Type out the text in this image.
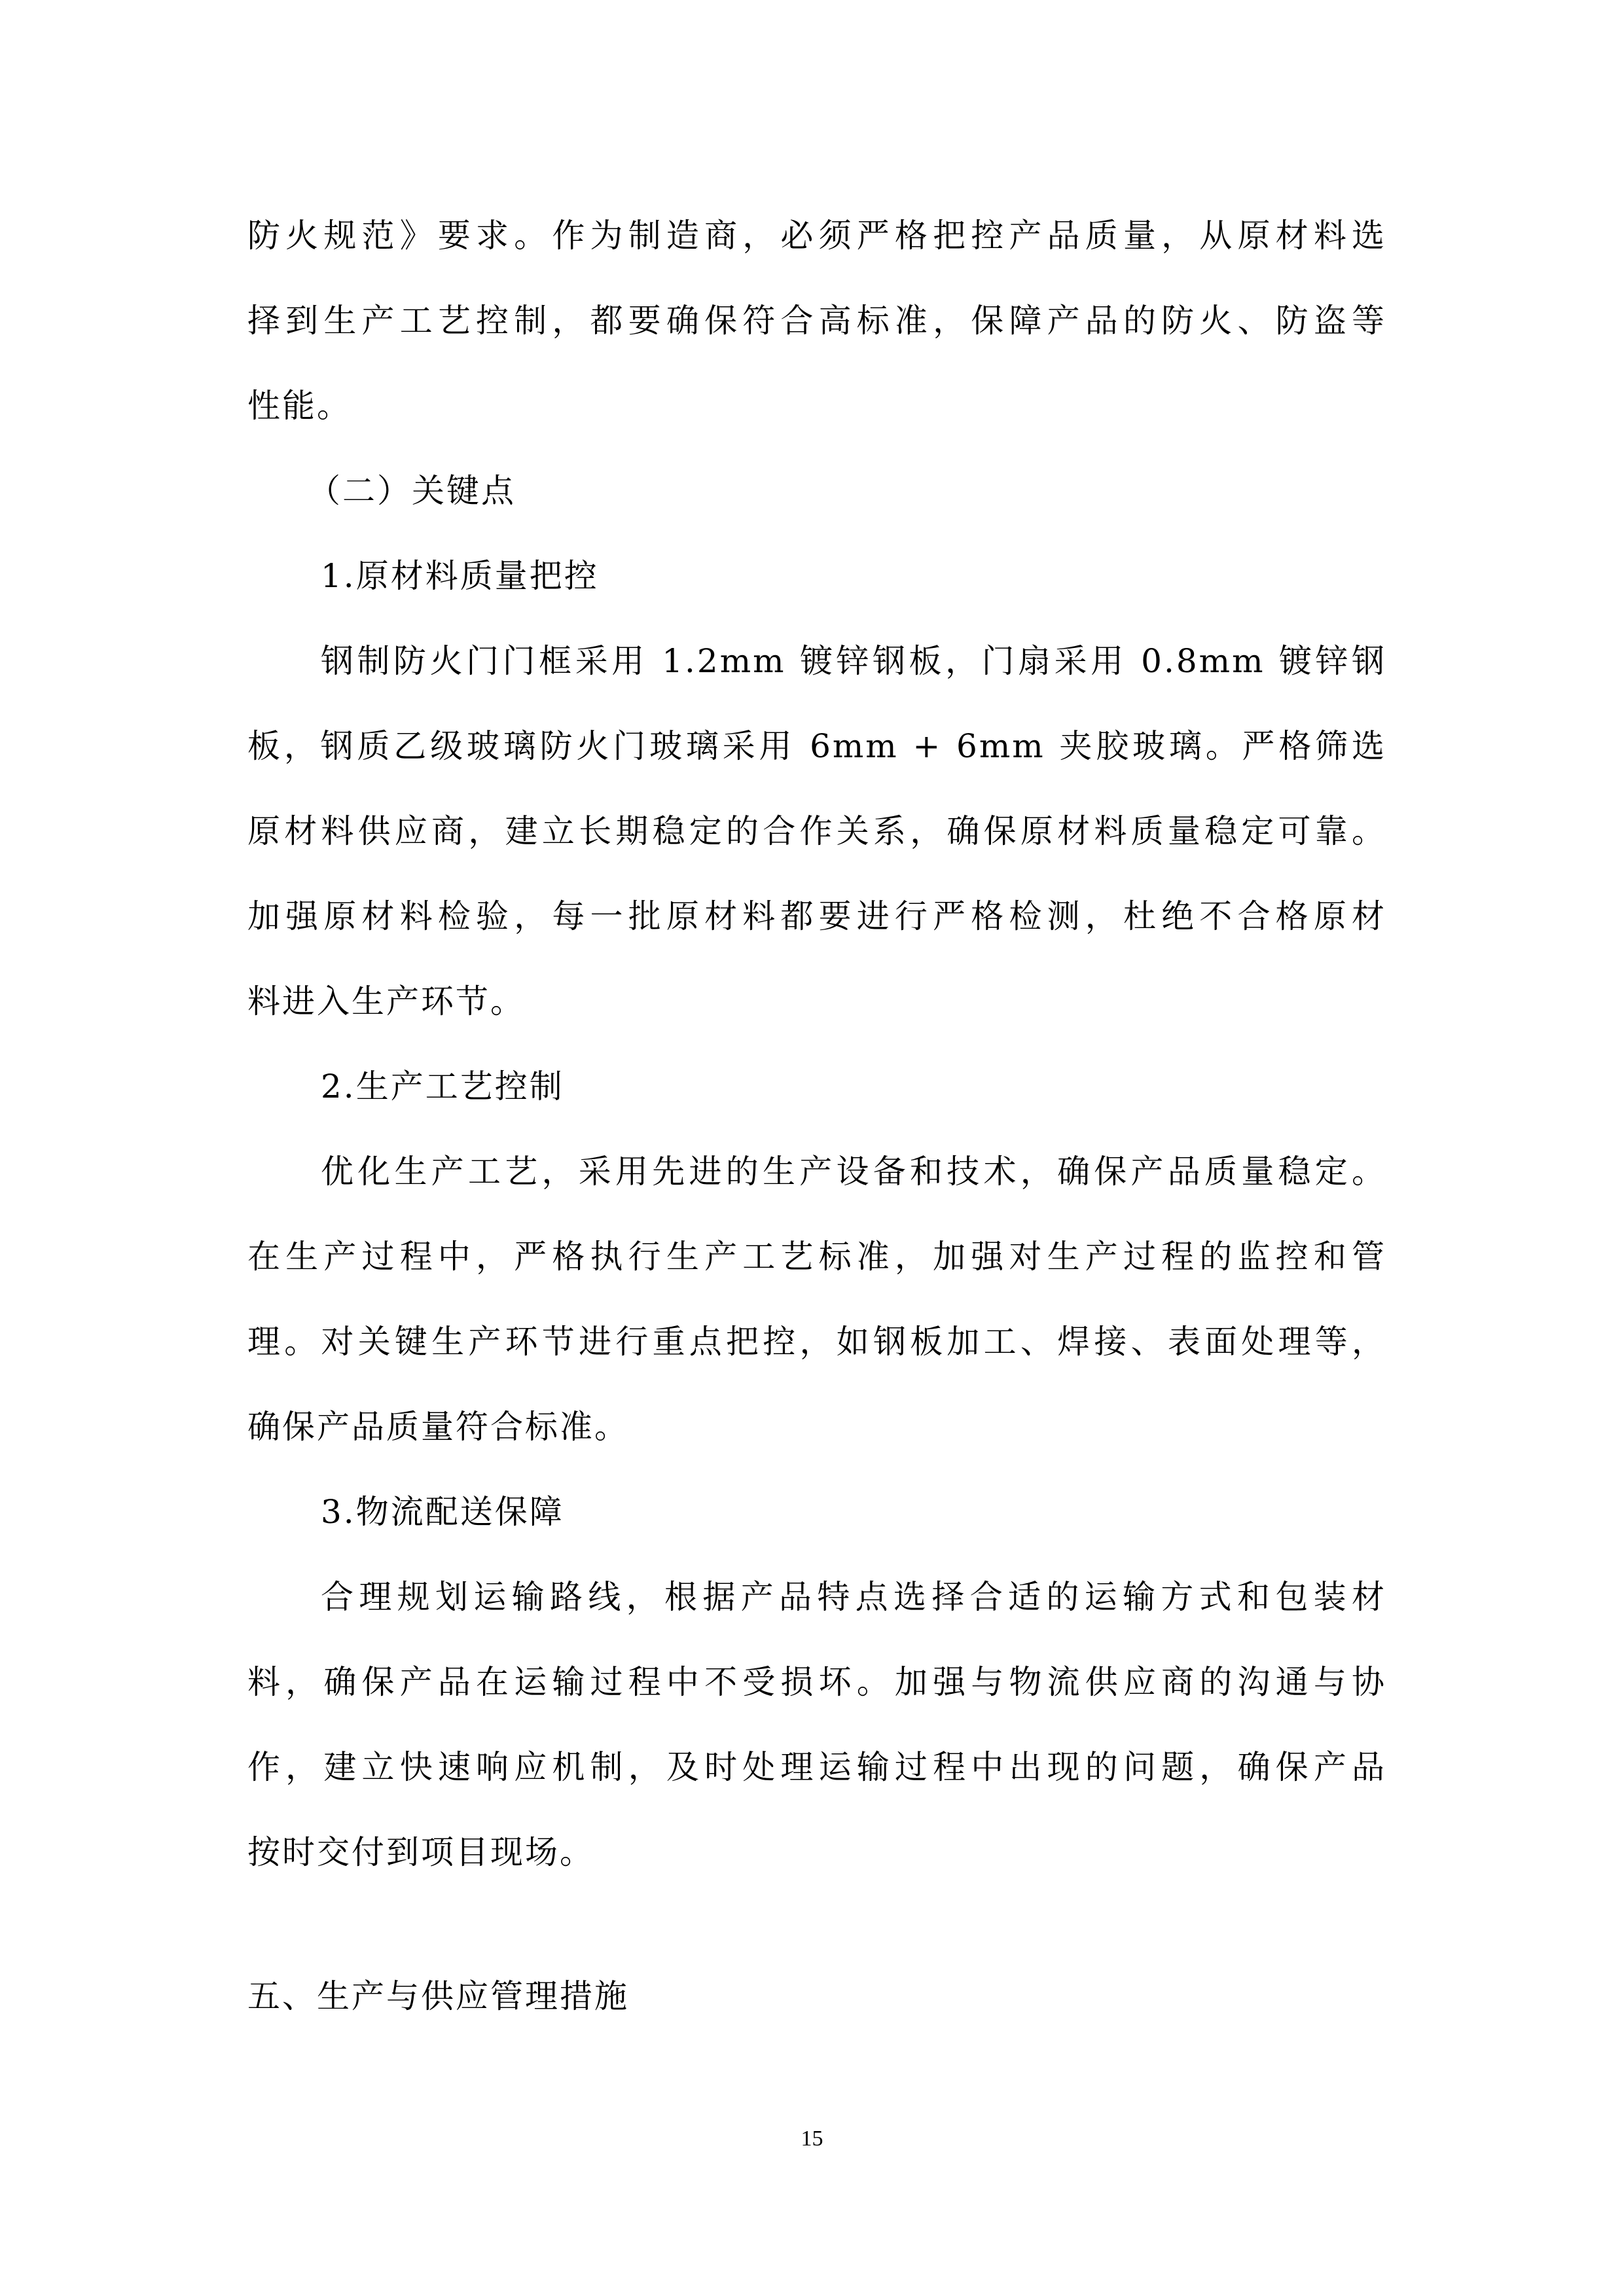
防火规范》要求。作为制造商，必须严格把控产品质量，从原材料选
择到生产工艺控制，都要确保符合高标准，保障产品的防火、防盗等
性能。
（二）关键点
1.原材料质量把控
钢制防火门门框采用 1.2mm 镀锌钢板，门扇采用 0.8mm 镀锌钢
板，钢质乙级玻璃防火门玻璃采用 6mm + 6mm 夹胶玻璃。严格筛选
原材料供应商，建立长期稳定的合作关系，确保原材料质量稳定可靠。
加强原材料检验，每一批原材料都要进行严格检测，杜绝不合格原材
料进入生产环节。
2.生产工艺控制
优化生产工艺，采用先进的生产设备和技术，确保产品质量稳定。
在生产过程中，严格执行生产工艺标准，加强对生产过程的监控和管
理。对关键生产环节进行重点把控，如钢板加工、焊接、表面处理等，
确保产品质量符合标准。
3.物流配送保障
合理规划运输路线，根据产品特点选择合适的运输方式和包装材
料，确保产品在运输过程中不受损坏。加强与物流供应商的沟通与协
作，建立快速响应机制，及时处理运输过程中出现的问题，确保产品
按时交付到项目现场。
五、生产与供应管理措施
15
